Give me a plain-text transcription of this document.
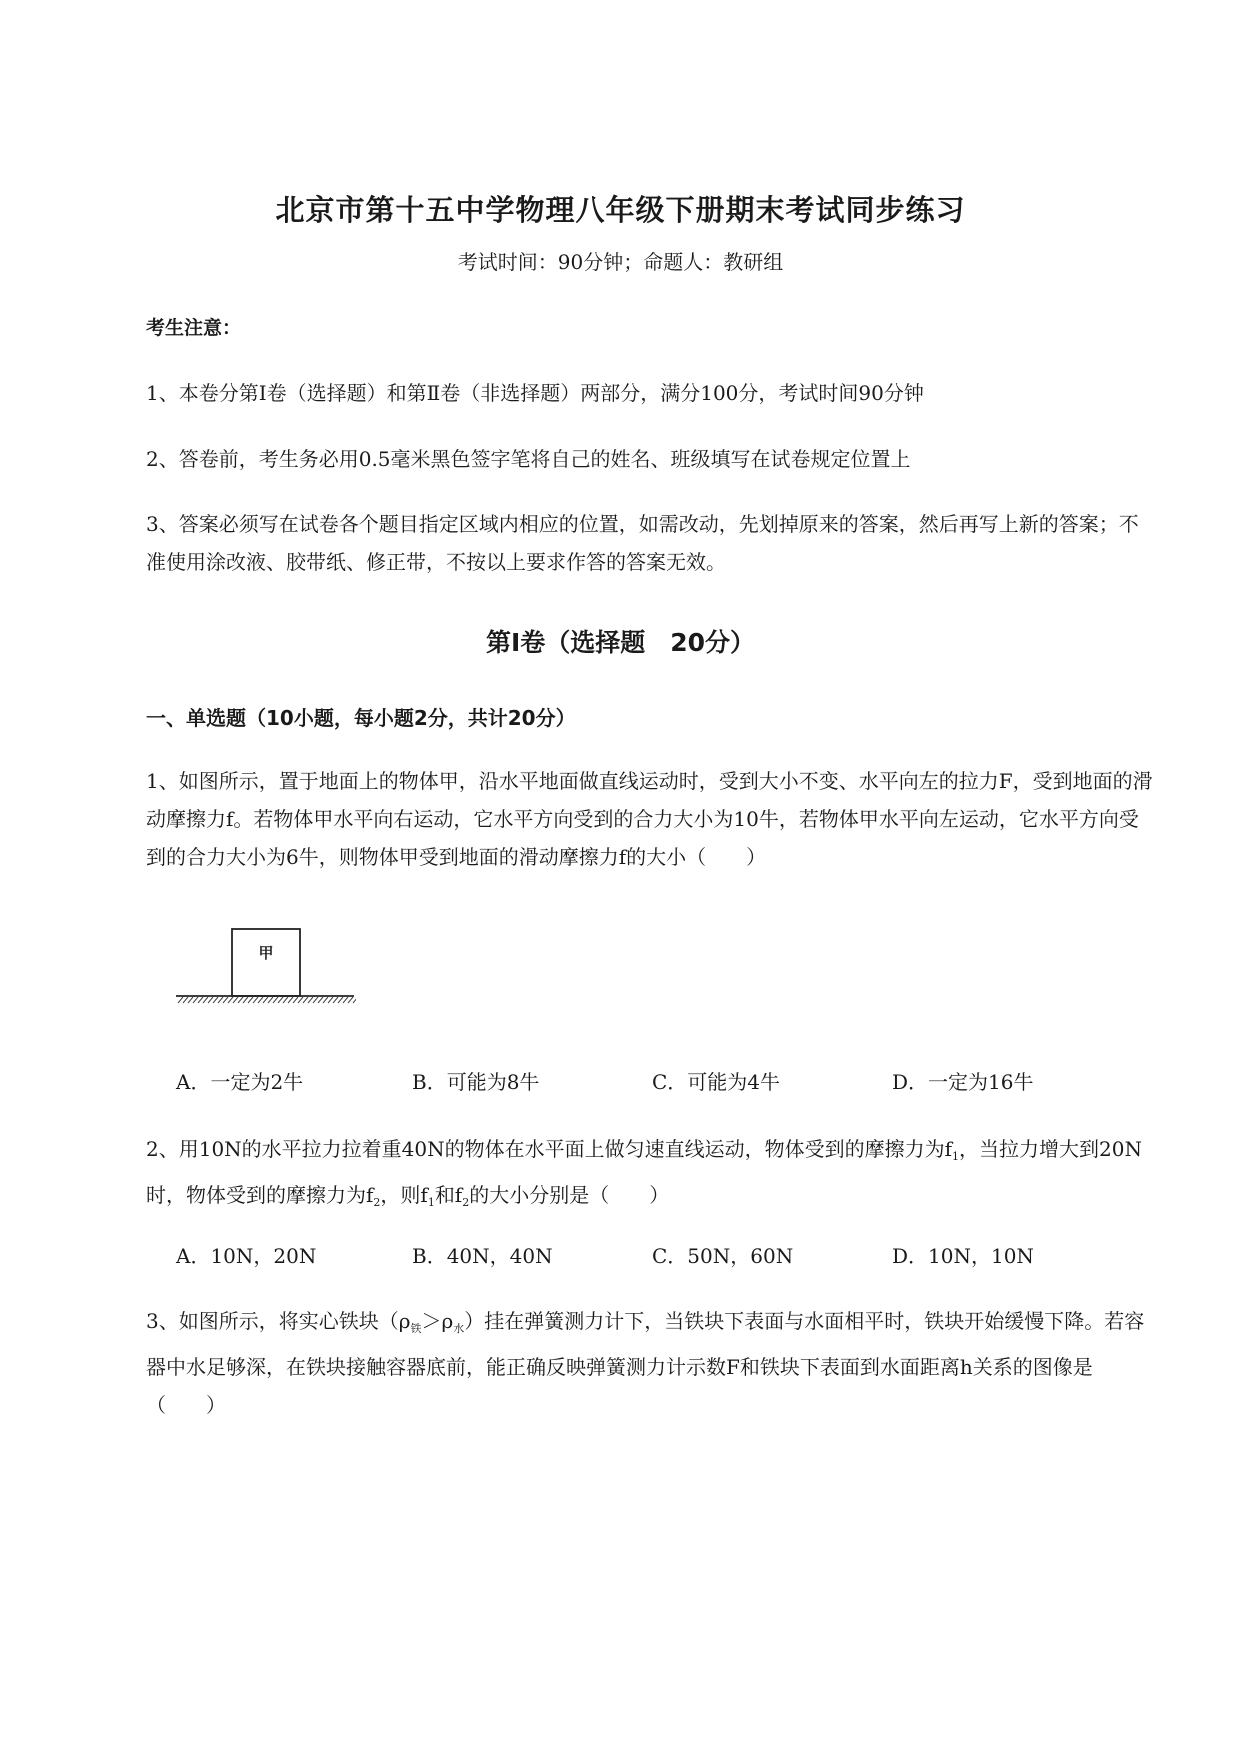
北京市第十五中学物理八年级下册期末考试同步练习
考试时间：90分钟；命题人：教研组
考生注意：
1、本卷分第Ⅰ卷（选择题）和第Ⅱ卷（非选择题）两部分，满分100分，考试时间90分钟
2、答卷前，考生务必用0.5毫米黑色签字笔将自己的姓名、班级填写在试卷规定位置上
3、答案必须写在试卷各个题目指定区域内相应的位置，如需改动，先划掉原来的答案，然后再写上新的答案；不准使用涂改液、胶带纸、修正带，不按以上要求作答的答案无效。
第Ⅰ卷（选择题　20分）
一、单选题（10小题，每小题2分，共计20分）
1、如图所示，置于地面上的物体甲，沿水平地面做直线运动时，受到大小不变、水平向左的拉力F，受到地面的滑动摩擦力f。若物体甲水平向右运动，它水平方向受到的合力大小为10牛，若物体甲水平向左运动，它水平方向受到的合力大小为6牛，则物体甲受到地面的滑动摩擦力f的大小（　　）
甲
A．一定为2牛	B．可能为8牛	C．可能为4牛	D．一定为16牛
2、用10N的水平拉力拉着重40N的物体在水平面上做匀速直线运动，物体受到的摩擦力为$f_1$，当拉力增大到20N时，物体受到的摩擦力为$f_2$，则$f_1$和$f_2$的大小分别是（　　）
A．10N，20N	B．40N，40N	C．50N，60N	D．10N，10N
3、如图所示，将实心铁块$(\rho_铁>\rho_水)$挂在弹簧测力计下，当铁块下表面与水面相平时，铁块开始缓慢下降。若容器中水足够深，在铁块接触容器底前，能正确反映弹簧测力计示数F和铁块下表面到水面距离h关系的图像是（　　）
